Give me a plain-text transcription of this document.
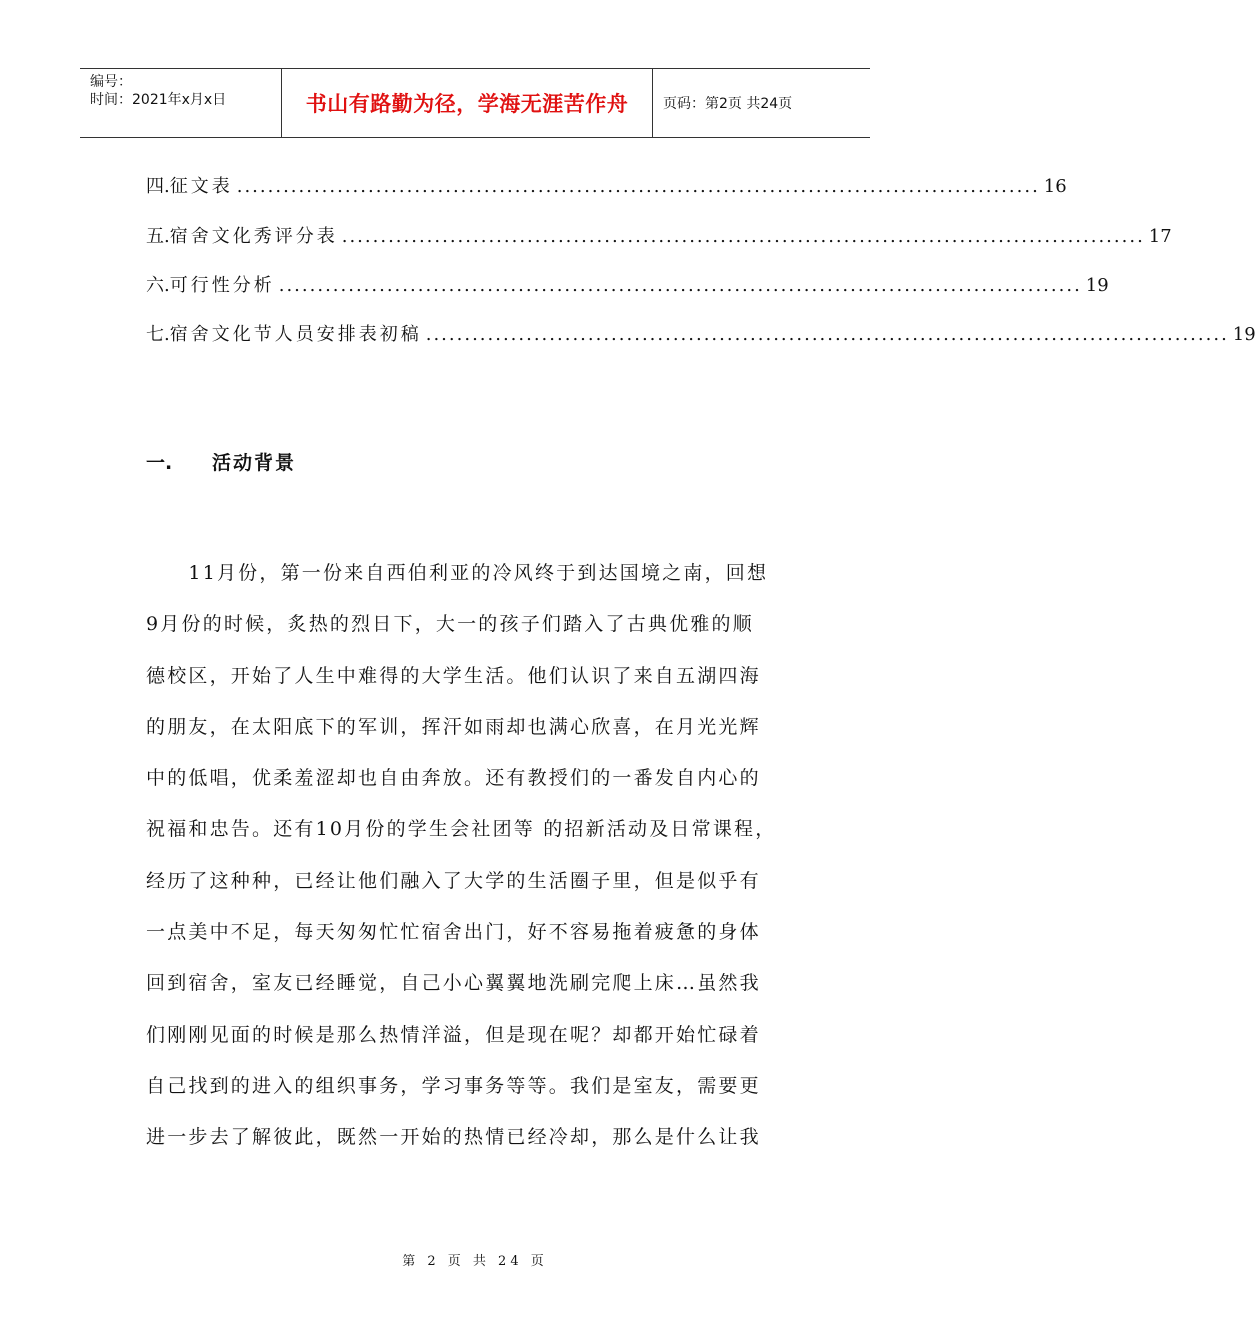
编号：
时间：2021年x月x日	书山有路勤为径，学海无涯苦作舟	页码：第2页 共24页
四. 征文表 ........................................................................................................ 16
五. 宿舍文化秀评分表 ........................................................................................................ 17
六. 可行性分析 ........................................................................................................ 19
七. 宿舍文化节人员安排表初稿 ........................................................................................................ 19
一.	活动背景
　　11月份，第一份来自西伯利亚的冷风终于到达国境之南，回想
9月份的时候，炙热的烈日下，大一的孩子们踏入了古典优雅的顺
德校区，开始了人生中难得的大学生活。他们认识了来自五湖四海
的朋友，在太阳底下的军训，挥汗如雨却也满心欣喜，在月光光辉
中的低唱，优柔羞涩却也自由奔放。还有教授们的一番发自内心的
祝福和忠告。还有10月份的学生会社团等 的招新活动及日常课程，
经历了这种种，已经让他们融入了大学的生活圈子里，但是似乎有
一点美中不足，每天匆匆忙忙宿舍出门，好不容易拖着疲惫的身体
回到宿舍，室友已经睡觉，自己小心翼翼地洗刷完爬上床…虽然我
们刚刚见面的时候是那么热情洋溢，但是现在呢？却都开始忙碌着
自己找到的进入的组织事务，学习事务等等。我们是室友，需要更
进一步去了解彼此，既然一开始的热情已经冷却，那么是什么让我
第 2 页 共 24 页
